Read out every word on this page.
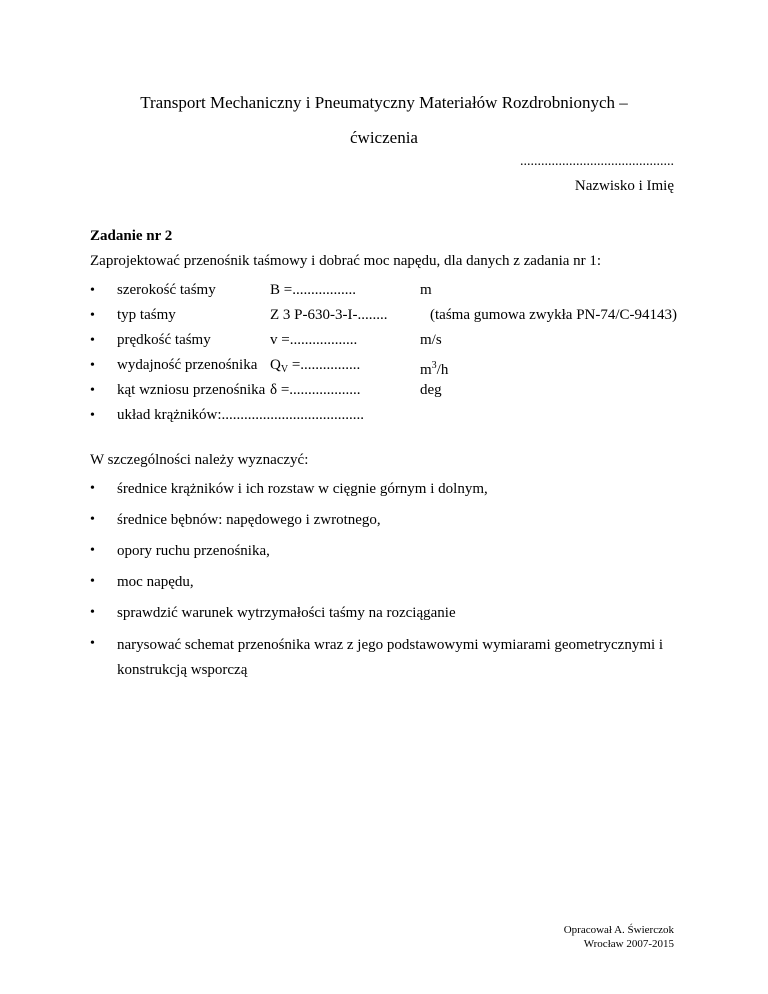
Transport Mechaniczny i Pneumatyczny Materiałów Rozdrobnionych –
ćwiczenia
............................................
Nazwisko i Imię
Zadanie nr 2
Zaprojektować przenośnik taśmowy i dobrać moc napędu, dla danych z zadania nr 1:
•	szerokość taśmy	B =.................	m
•	typ taśmy	Z 3 P-630-3-I-........	(taśma gumowa zwykła PN-74/C-94143)
•	prędkość taśmy	v =..................	m/s
•	wydajność przenośnika $Q_V$ =................	$m^3/h$
•	kąt wzniosu przenośnika δ =...................	deg
•	układ krążników:......................................
W szczególności należy wyznaczyć:
• średnice krążników i ich rozstaw w cięgnie górnym i dolnym,
• średnice bębnów: napędowego i zwrotnego,
• opory ruchu przenośnika,
• moc napędu,
• sprawdzić warunek wytrzymałości taśmy na rozciąganie
• narysować schemat przenośnika wraz z jego podstawowymi wymiarami geometrycznymi i konstrukcją wsporczą
Opracował A. Świerczok
Wrocław 2007-2015
